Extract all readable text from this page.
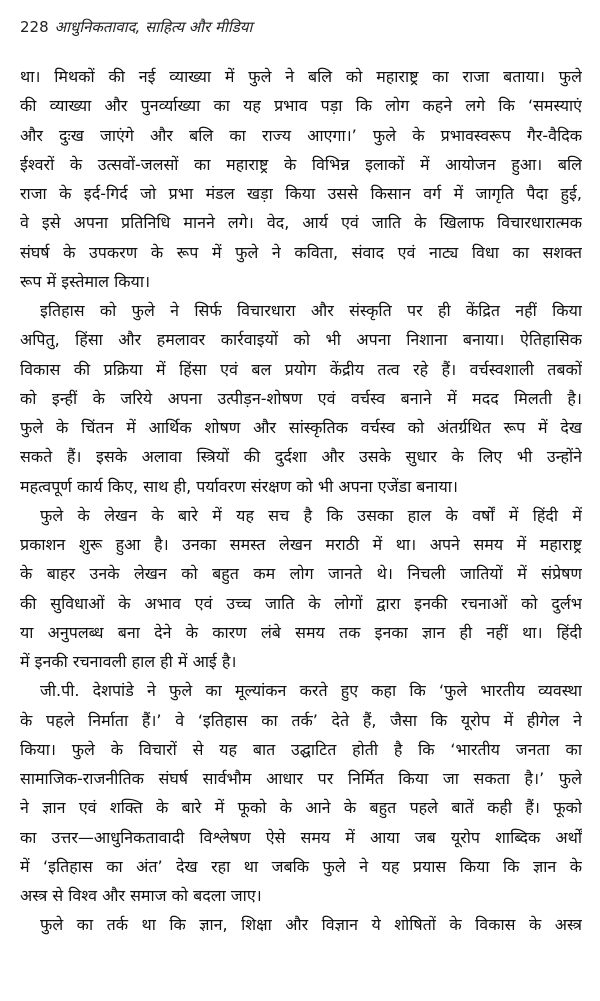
228 आधुनिकतावाद, साहित्य और मीडिया
था। मिथकों की नई व्याख्या में फुले ने बलि को महाराष्ट्र का राजा बताया। फुले
की व्याख्या और पुनर्व्याख्या का यह प्रभाव पड़ा कि लोग कहने लगे कि ‘समस्याएं
और दुःख जाएंगे और बलि का राज्य आएगा।’ फुले के प्रभावस्वरूप गैर-वैदिक
ईश्वरों के उत्सवों-जलसों का महाराष्ट्र के विभिन्न इलाकों में आयोजन हुआ। बलि
राजा के इर्द-गिर्द जो प्रभा मंडल खड़ा किया उससे किसान वर्ग में जागृति पैदा हुई,
वे इसे अपना प्रतिनिधि मानने लगे। वेद, आर्य एवं जाति के खिलाफ विचारधारात्मक
संघर्ष के उपकरण के रूप में फुले ने कविता, संवाद एवं नाट्य विधा का सशक्त
रूप में इस्तेमाल किया।
इतिहास को फुले ने सिर्फ विचारधारा और संस्कृति पर ही केंद्रित नहीं किया
अपितु, हिंसा और हमलावर कार्रवाइयों को भी अपना निशाना बनाया। ऐतिहासिक
विकास की प्रक्रिया में हिंसा एवं बल प्रयोग केंद्रीय तत्व रहे हैं। वर्चस्वशाली तबकों
को इन्हीं के जरिये अपना उत्पीड़न-शोषण एवं वर्चस्व बनाने में मदद मिलती है।
फुले के चिंतन में आर्थिक शोषण और सांस्कृतिक वर्चस्व को अंतर्ग्रथित रूप में देख
सकते हैं। इसके अलावा स्त्रियों की दुर्दशा और उसके सुधार के लिए भी उन्होंने
महत्वपूर्ण कार्य किए, साथ ही, पर्यावरण संरक्षण को भी अपना एजेंडा बनाया।
फुले के लेखन के बारे में यह सच है कि उसका हाल के वर्षों में हिंदी में
प्रकाशन शुरू हुआ है। उनका समस्त लेखन मराठी में था। अपने समय में महाराष्ट्र
के बाहर उनके लेखन को बहुत कम लोग जानते थे। निचली जातियों में संप्रेषण
की सुविधाओं के अभाव एवं उच्च जाति के लोगों द्वारा इनकी रचनाओं को दुर्लभ
या अनुपलब्ध बना देने के कारण लंबे समय तक इनका ज्ञान ही नहीं था। हिंदी
में इनकी रचनावली हाल ही में आई है।
जी.पी. देशपांडे ने फुले का मूल्यांकन करते हुए कहा कि ‘फुले भारतीय व्यवस्था
के पहले निर्माता हैं।’ वे ‘इतिहास का तर्क’ देते हैं, जैसा कि यूरोप में हीगेल ने
किया। फुले के विचारों से यह बात उद्घाटित होती है कि ‘भारतीय जनता का
सामाजिक-राजनीतिक संघर्ष सार्वभौम आधार पर निर्मित किया जा सकता है।’ फुले
ने ज्ञान एवं शक्ति के बारे में फूको के आने के बहुत पहले बातें कही हैं। फूको
का उत्तर—आधुनिकतावादी विश्लेषण ऐसे समय में आया जब यूरोप शाब्दिक अर्थों
में ‘इतिहास का अंत’ देख रहा था जबकि फुले ने यह प्रयास किया कि ज्ञान के
अस्त्र से विश्व और समाज को बदला जाए।
फुले का तर्क था कि ज्ञान, शिक्षा और विज्ञान ये शोषितों के विकास के अस्त्र
